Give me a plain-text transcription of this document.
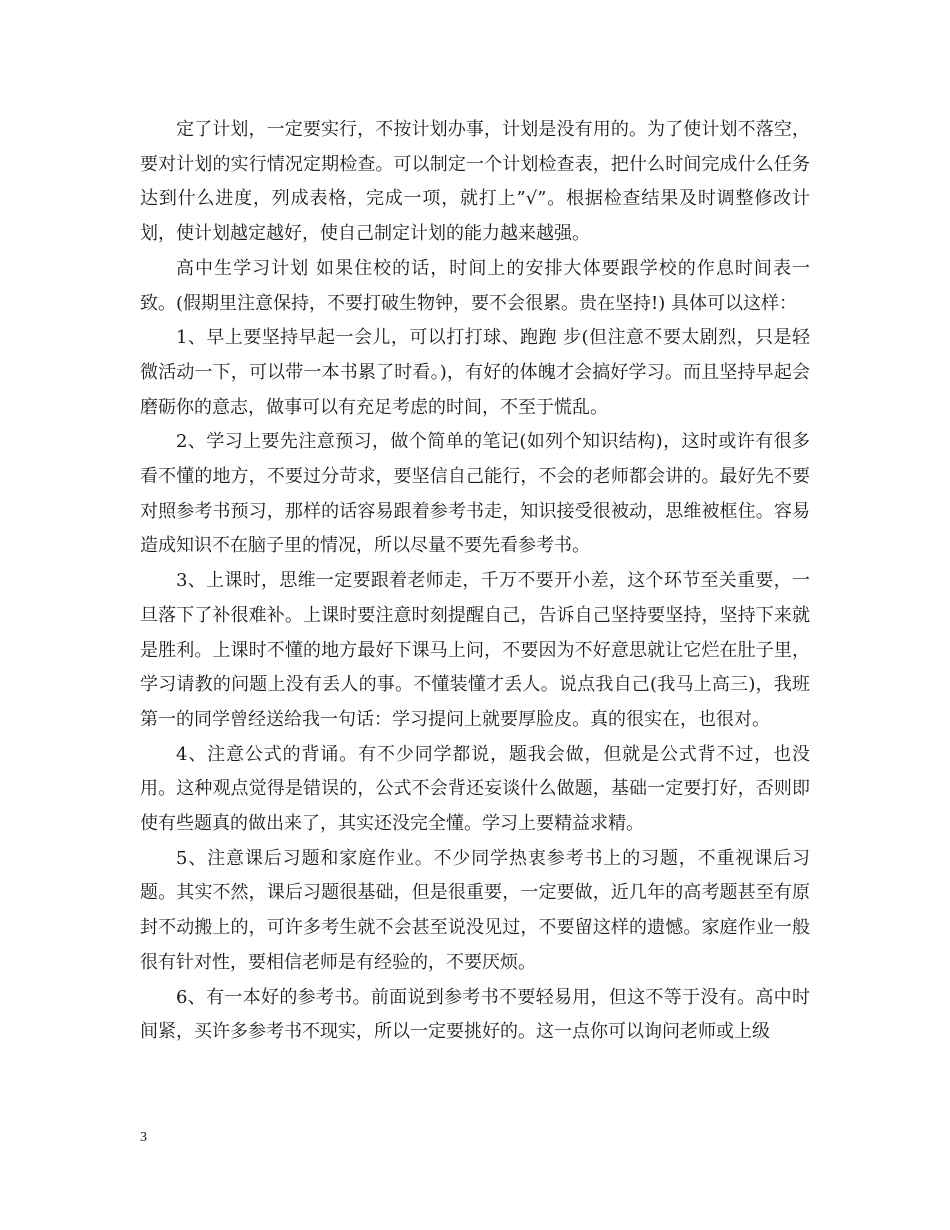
定了计划，一定要实行，不按计划办事，计划是没有用的。为了使计划不落空，要对计划的实行情况定期检查。可以制定一个计划检查表，把什么时间完成什么任务达到什么进度，列成表格，完成一项，就打上”√”。根据检查结果及时调整修改计划，使计划越定越好，使自己制定计划的能力越来越强。

高中生学习计划 如果住校的话，时间上的安排大体要跟学校的作息时间表一致。(假期里注意保持，不要打破生物钟，要不会很累。贵在坚持!) 具体可以这样：

1、早上要坚持早起一会儿，可以打打球、跑跑 步(但注意不要太剧烈，只是轻微活动一下，可以带一本书累了时看。)，有好的体魄才会搞好学习。而且坚持早起会磨砺你的意志，做事可以有充足考虑的时间，不至于慌乱。

2、学习上要先注意预习，做个简单的笔记(如列个知识结构)，这时或许有很多看不懂的地方，不要过分苛求，要坚信自己能行，不会的老师都会讲的。最好先不要对照参考书预习，那样的话容易跟着参考书走，知识接受很被动，思维被框住。容易造成知识不在脑子里的情况，所以尽量不要先看参考书。

3、上课时，思维一定要跟着老师走，千万不要开小差，这个环节至关重要，一旦落下了补很难补。上课时要注意时刻提醒自己，告诉自己坚持要坚持，坚持下来就是胜利。上课时不懂的地方最好下课马上问，不要因为不好意思就让它烂在肚子里，学习请教的问题上没有丢人的事。不懂装懂才丢人。说点我自己(我马上高三)，我班第一的同学曾经送给我一句话：学习提问上就要厚脸皮。真的很实在，也很对。

4、注意公式的背诵。有不少同学都说，题我会做，但就是公式背不过，也没用。这种观点觉得是错误的，公式不会背还妄谈什么做题，基础一定要打好，否则即使有些题真的做出来了，其实还没完全懂。学习上要精益求精。

5、注意课后习题和家庭作业。不少同学热衷参考书上的习题，不重视课后习题。其实不然，课后习题很基础，但是很重要，一定要做，近几年的高考题甚至有原封不动搬上的，可许多考生就不会甚至说没见过，不要留这样的遗憾。家庭作业一般很有针对性，要相信老师是有经验的，不要厌烦。

6、有一本好的参考书。前面说到参考书不要轻易用，但这不等于没有。高中时间紧，买许多参考书不现实，所以一定要挑好的。这一点你可以询问老师或上级

3
